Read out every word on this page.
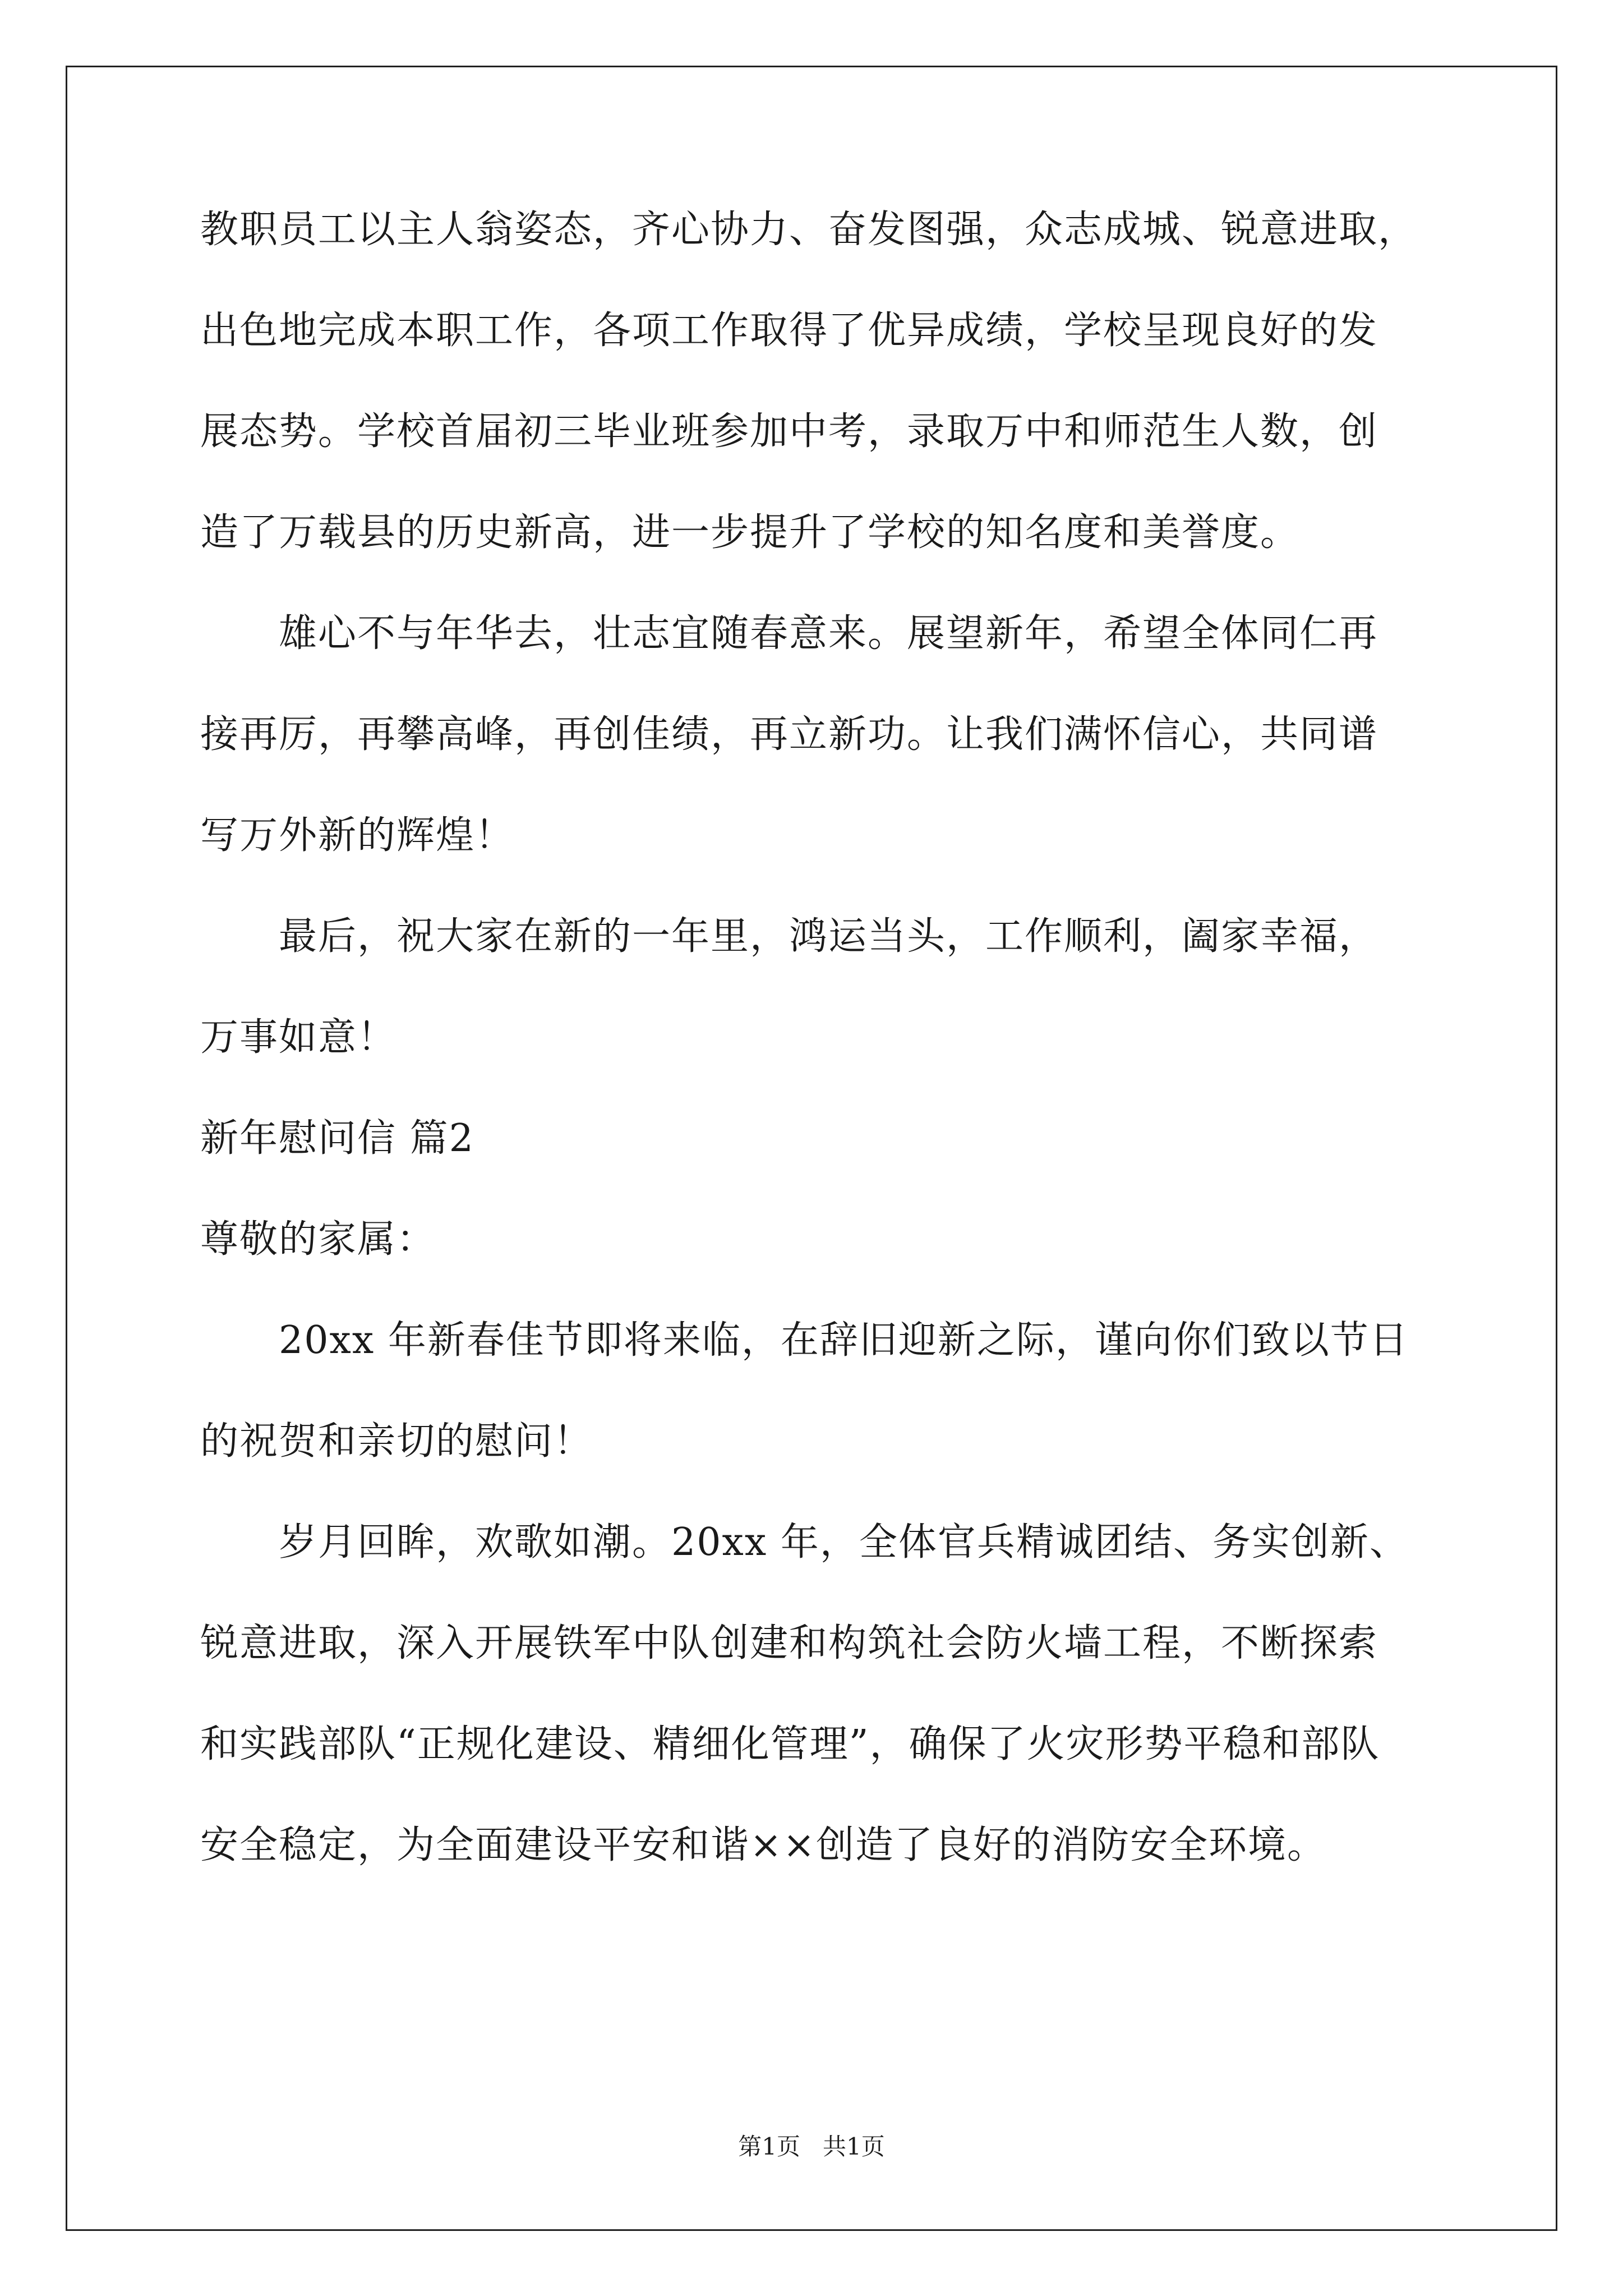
教职员工以主人翁姿态，齐心协力、奋发图强，众志成城、锐意进取，
出色地完成本职工作，各项工作取得了优异成绩，学校呈现良好的发
展态势。学校首届初三毕业班参加中考，录取万中和师范生人数，创
造了万载县的历史新高，进一步提升了学校的知名度和美誉度。
雄心不与年华去，壮志宜随春意来。展望新年，希望全体同仁再
接再厉，再攀高峰，再创佳绩，再立新功。让我们满怀信心，共同谱
写万外新的辉煌！
最后，祝大家在新的一年里，鸿运当头，工作顺利，阖家幸福，
万事如意！
新年慰问信 篇2
尊敬的家属：
20xx 年新春佳节即将来临，在辞旧迎新之际，谨向你们致以节日
的祝贺和亲切的慰问！
岁月回眸，欢歌如潮。20xx 年，全体官兵精诚团结、务实创新、
锐意进取，深入开展铁军中队创建和构筑社会防火墙工程，不断探索
和实践部队“正规化建设、精细化管理”，确保了火灾形势平稳和部队
安全稳定，为全面建设平安和谐××创造了良好的消防安全环境。
第1页 共1页
